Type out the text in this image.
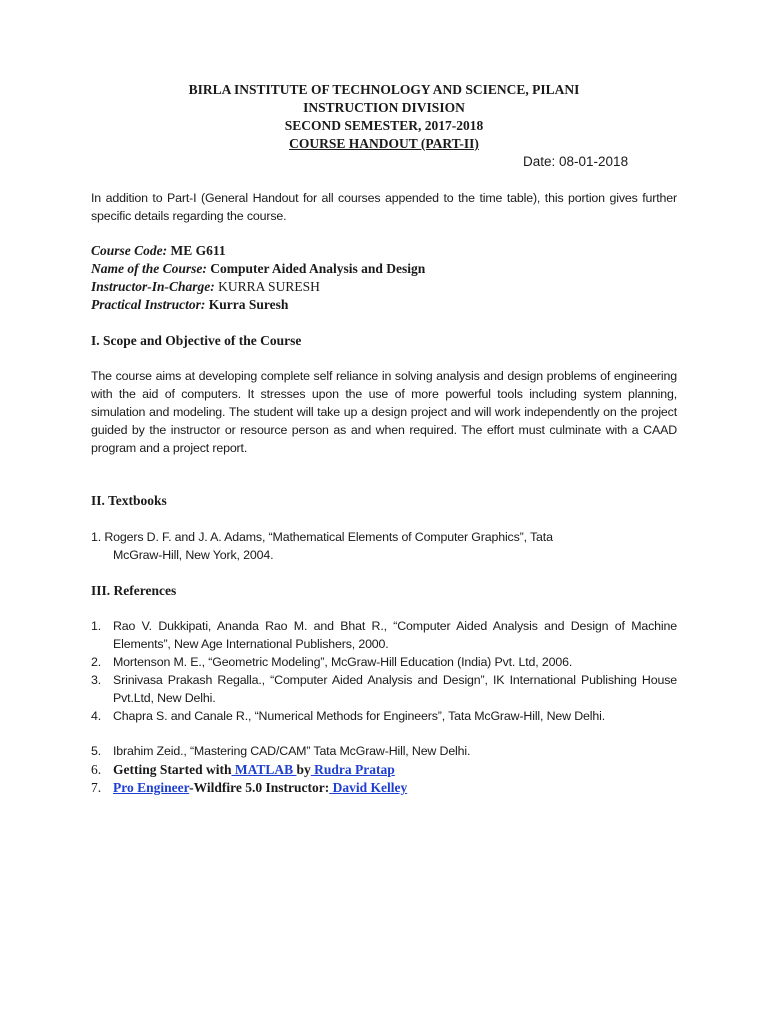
BIRLA INSTITUTE OF TECHNOLOGY AND SCIENCE, PILANI
INSTRUCTION DIVISION
SECOND SEMESTER, 2017-2018
COURSE HANDOUT (PART-II)
Date: 08-01-2018
In addition to Part-I (General Handout for all courses appended to the time table), this portion gives further specific details regarding the course.
Course Code: ME G611
Name of the Course: Computer Aided Analysis and Design
Instructor-In-Charge: KURRA SURESH
Practical Instructor: Kurra Suresh
I. Scope and Objective of the Course
The course aims at developing complete self reliance in solving analysis and design problems of engineering with the aid of computers. It stresses upon the use of more powerful tools including system planning, simulation and modeling. The student will take up a design project and will work independently on the project guided by the instructor or resource person as and when required. The effort must culminate with a CAAD program and a project report.
II. Textbooks
1. Rogers D. F. and J. A. Adams, “Mathematical Elements of Computer Graphics”, Tata
McGraw-Hill, New York, 2004.
III. References
1. Rao V. Dukkipati, Ananda Rao M. and Bhat R., “Computer Aided Analysis and Design of Machine Elements”, New Age International Publishers, 2000.
2. Mortenson M. E., “Geometric Modeling”, McGraw-Hill Education (India) Pvt. Ltd, 2006.
3. Srinivasa Prakash Regalla., “Computer Aided Analysis and Design”, IK International Publishing House Pvt.Ltd, New Delhi.
4. Chapra S. and Canale R., “Numerical Methods for Engineers”, Tata McGraw-Hill, New Delhi.
5. Ibrahim Zeid., “Mastering CAD/CAM” Tata McGraw-Hill, New Delhi.
6. Getting Started with MATLAB by Rudra Pratap
7. Pro Engineer-Wildfire 5.0 Instructor: David Kelley
